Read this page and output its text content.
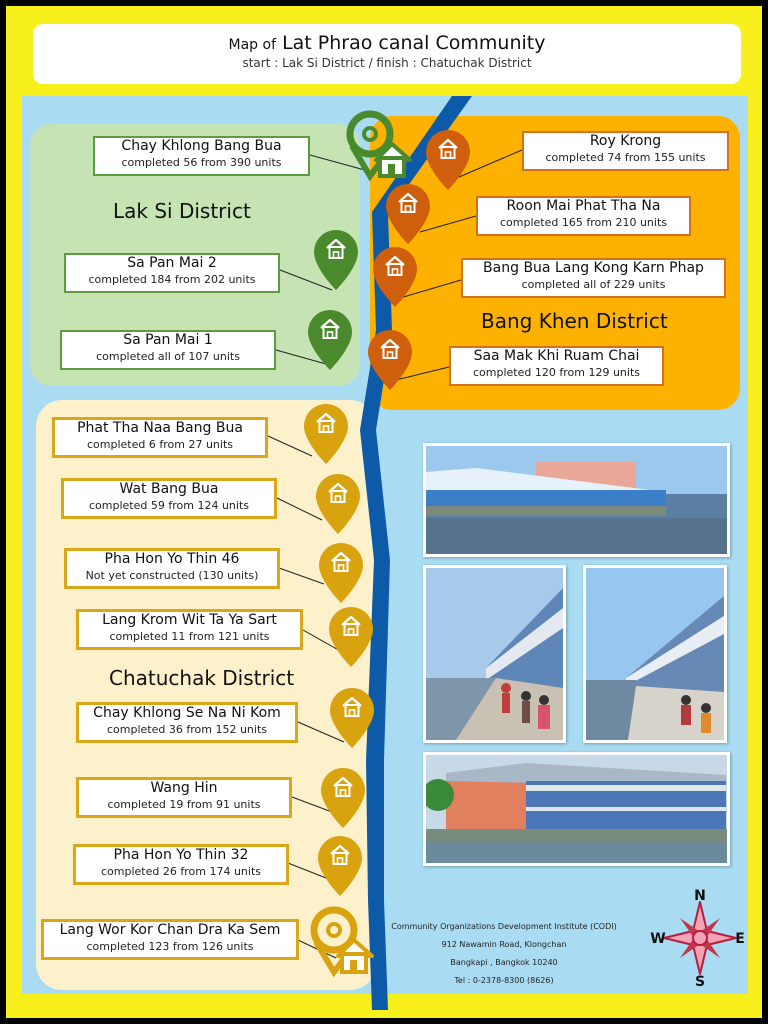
Map of Lat Phrao canal Community
start : Lak Si District / finish : Chatuchak District
Lak Si District
Bang Khen District
Chatuchak District
Chay Khlong Bang Bua
completed 56 from 390 units
Sa Pan Mai 2
completed 184 from 202 units
Sa Pan Mai 1
completed all of 107 units
Roy Krong
completed 74 from 155 units
Roon Mai Phat Tha Na
completed 165 from 210 units
Bang Bua Lang Kong Karn Phap
completed all of 229 units
Saa Mak Khi Ruam Chai
completed 120 from 129 units
Phat Tha Naa Bang Bua
completed 6 from 27 units
Wat Bang Bua
completed 59 from 124 units
Pha Hon Yo Thin 46
Not yet constructed (130 units)
Lang Krom Wit Ta Ya Sart
completed 11 from 121 units
Chay Khlong Se Na Ni Kom
completed 36 from 152 units
Wang Hin
completed 19 from 91 units
Pha Hon Yo Thin 32
completed 26 from 174 units
Lang Wor Kor Chan Dra Ka Sem
completed 123 from 126 units
Community Organizations Development Institute (CODI)
912 Nawamin Road, Klongchan
Bangkapi , Bangkok 10240
Tel : 0-2378-8300 (8626)
N
S
E
W
